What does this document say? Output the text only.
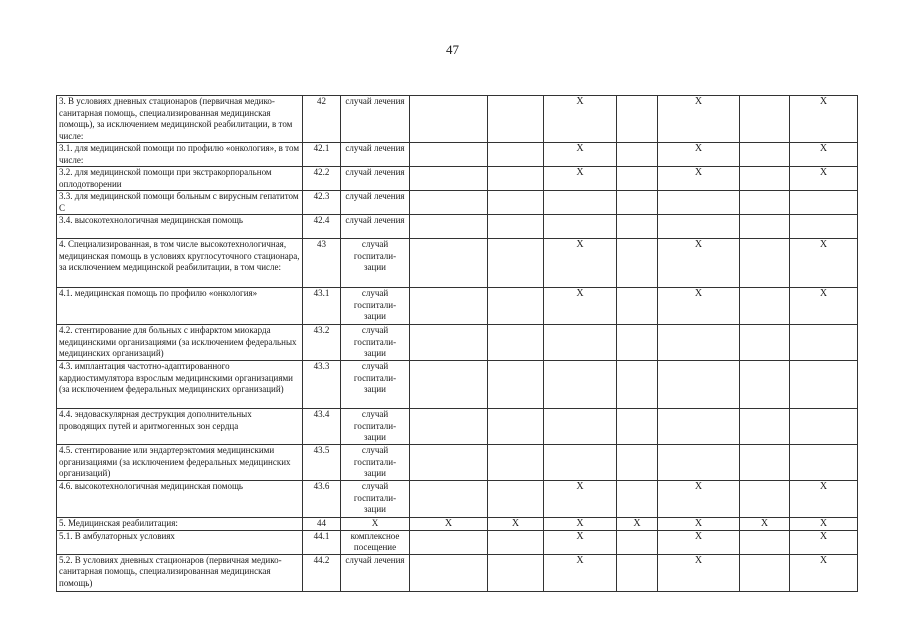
47
3. В условиях дневных стационаров (первичная медико-санитарная помощь, специализированная медицинская помощь), за исключением медицинской реабилитации, в том числе:	42	случай лечения			Х		Х		Х
3.1. для медицинской помощи по профилю «онкология», в том числе:	42.1	случай лечения			Х		Х		Х
3.2. для медицинской помощи при экстракорпоральном оплодотворении	42.2	случай лечения			Х		Х		Х
3.3. для медицинской помощи больным с вирусным гепатитом С	42.3	случай лечения							
3.4. высокотехнологичная медицинская помощь	42.4	случай лечения							
4. Специализированная, в том числе высокотехнологичная, медицинская помощь в условиях круглосуточного стационара, за исключением медицинской реабилитации, в том числе:	43	случай госпитали-зации			Х		Х		Х
4.1. медицинская помощь по профилю «онкология»	43.1	случай госпитали-зации			Х		Х		Х
4.2. стентирование для больных с инфарктом миокарда медицинскими организациями (за исключением федеральных медицинских организаций)	43.2	случай госпитали-зации							
4.3. имплантация частотно-адаптированного кардиостимулятора взрослым медицинскими организациями (за исключением федеральных медицинских организаций)	43.3	случай госпитали-зации							
4.4. эндоваскулярная деструкция дополнительных проводящих путей и аритмогенных зон сердца	43.4	случай госпитали-зации							
4.5. стентирование или эндартерэктомия медицинскими организациями (за исключением федеральных медицинских организаций)	43.5	случай госпитали-зации							
4.6. высокотехнологичная медицинская помощь	43.6	случай госпитали-зации			Х		Х		Х
5. Медицинская реабилитация:	44	Х	Х	Х	Х	Х	Х	Х	Х
5.1. В амбулаторных условиях	44.1	комплексное посещение			Х		Х		Х
5.2. В условиях дневных стационаров (первичная медико-санитарная помощь, специализированная медицинская помощь)	44.2	случай лечения			Х		Х		Х
